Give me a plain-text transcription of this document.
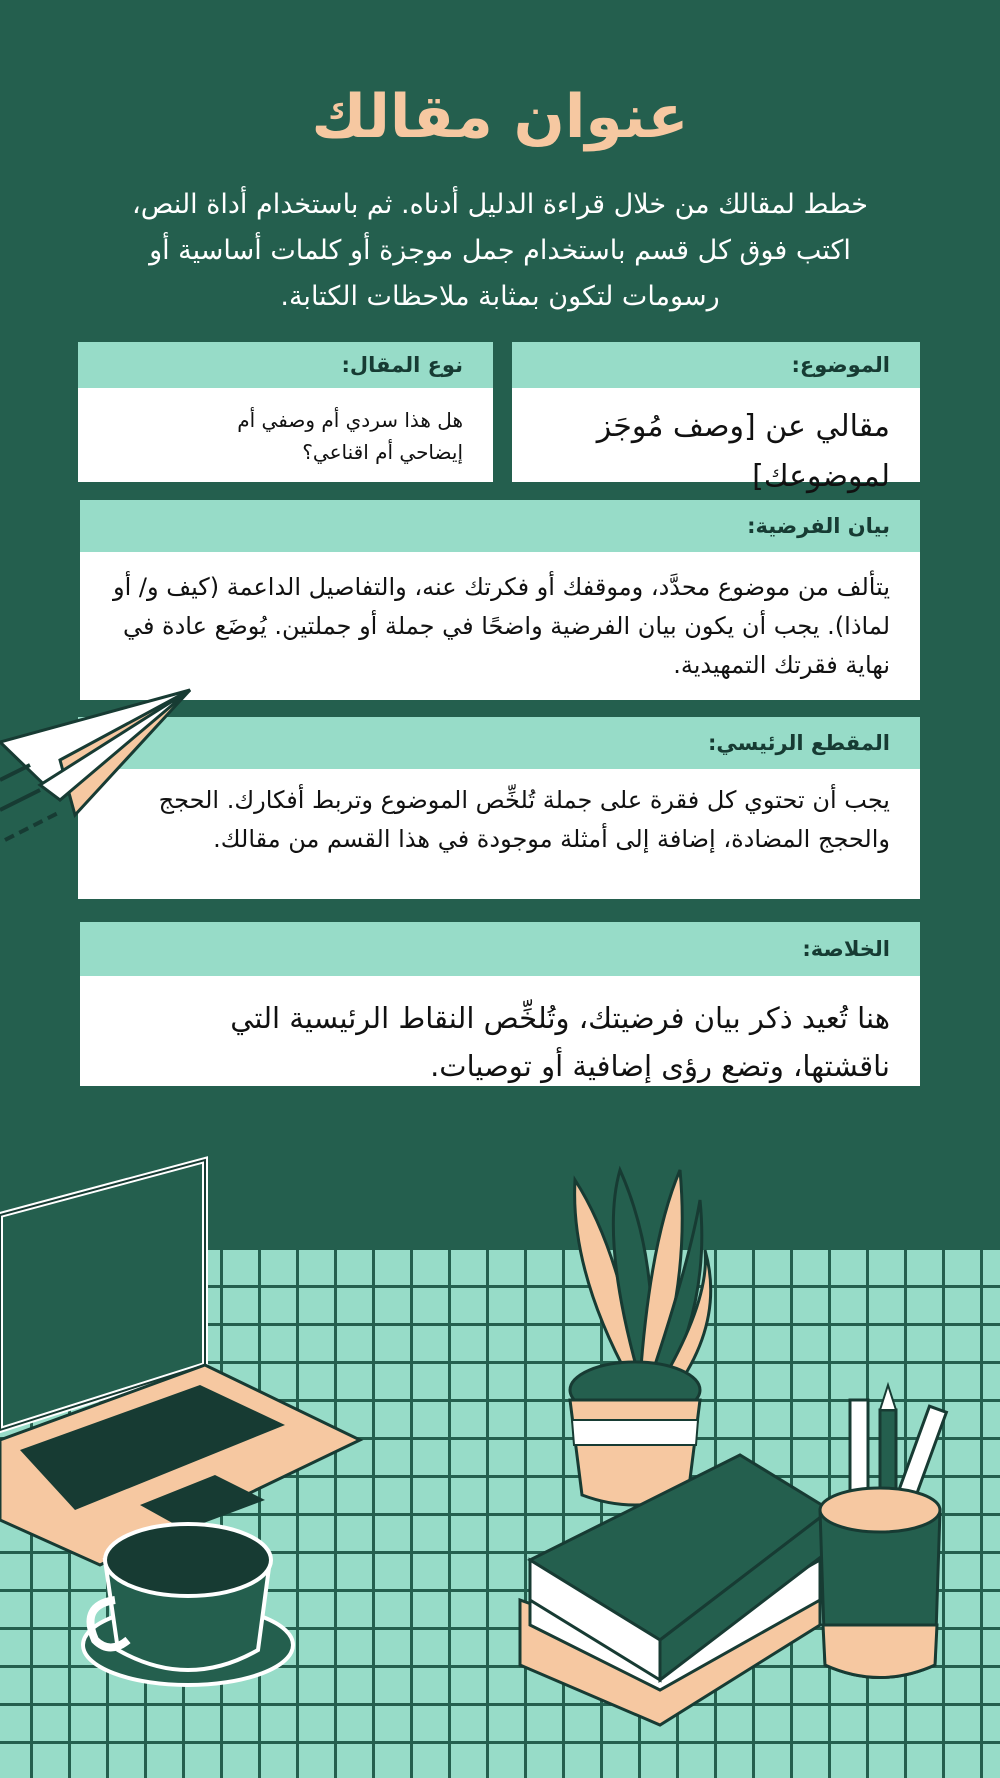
عنوان مقالك

خطط لمقالك من خلال قراءة الدليل أدناه. ثم باستخدام أداة النص، اكتب فوق كل قسم باستخدام جمل موجزة أو كلمات أساسية أو رسومات لتكون بمثابة ملاحظات الكتابة.

الموضوع:
مقالي عن [وصف مُوجَز لموضوعك]
نوع المقال:
هل هذا سردي أم وصفي أم إيضاحي أم اقناعي؟
بيان الفرضية:
يتألف من موضوع محدَّد، وموقفك أو فكرتك عنه، والتفاصيل الداعمة (كيف و/ أو لماذا). يجب أن يكون بيان الفرضية واضحًا في جملة أو جملتين. يُوضَع عادة في نهاية فقرتك التمهيدية.
المقطع الرئيسي:
يجب أن تحتوي كل فقرة على جملة تُلخِّص الموضوع وتربط أفكارك. الحجج والحجج المضادة، إضافة إلى أمثلة موجودة في هذا القسم من مقالك.
الخلاصة:
هنا تُعيد ذكر بيان فرضيتك، وتُلخِّص النقاط الرئيسية التي ناقشتها، وتضع رؤى إضافية أو توصيات.
